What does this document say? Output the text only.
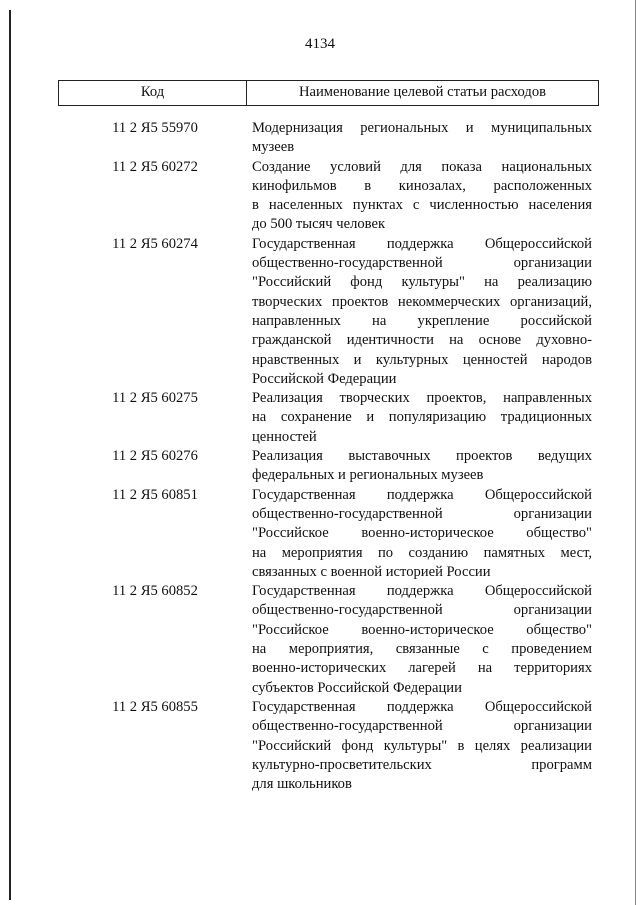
4134
Код	Наименование целевой статьи расходов
11 2 Я5 55970	Модернизация региональных и муниципальных
музеев
11 2 Я5 60272	Создание условий для показа национальных
кинофильмов в кинозалах, расположенных
в населенных пунктах с численностью населения
до 500 тысяч человек
11 2 Я5 60274	Государственная поддержка Общероссийской
общественно-государственной организации
"Российский фонд культуры" на реализацию
творческих проектов некоммерческих организаций,
направленных на укрепление российской
гражданской идентичности на основе духовно-
нравственных и культурных ценностей народов
Российской Федерации
11 2 Я5 60275	Реализация творческих проектов, направленных
на сохранение и популяризацию традиционных
ценностей
11 2 Я5 60276	Реализация выставочных проектов ведущих
федеральных и региональных музеев
11 2 Я5 60851	Государственная поддержка Общероссийской
общественно-государственной организации
"Российское военно-историческое общество"
на мероприятия по созданию памятных мест,
связанных с военной историей России
11 2 Я5 60852	Государственная поддержка Общероссийской
общественно-государственной организации
"Российское военно-историческое общество"
на мероприятия, связанные с проведением
военно-исторических лагерей на территориях
субъектов Российской Федерации
11 2 Я5 60855	Государственная поддержка Общероссийской
общественно-государственной организации
"Российский фонд культуры" в целях реализации
культурно-просветительских программ
для школьников
